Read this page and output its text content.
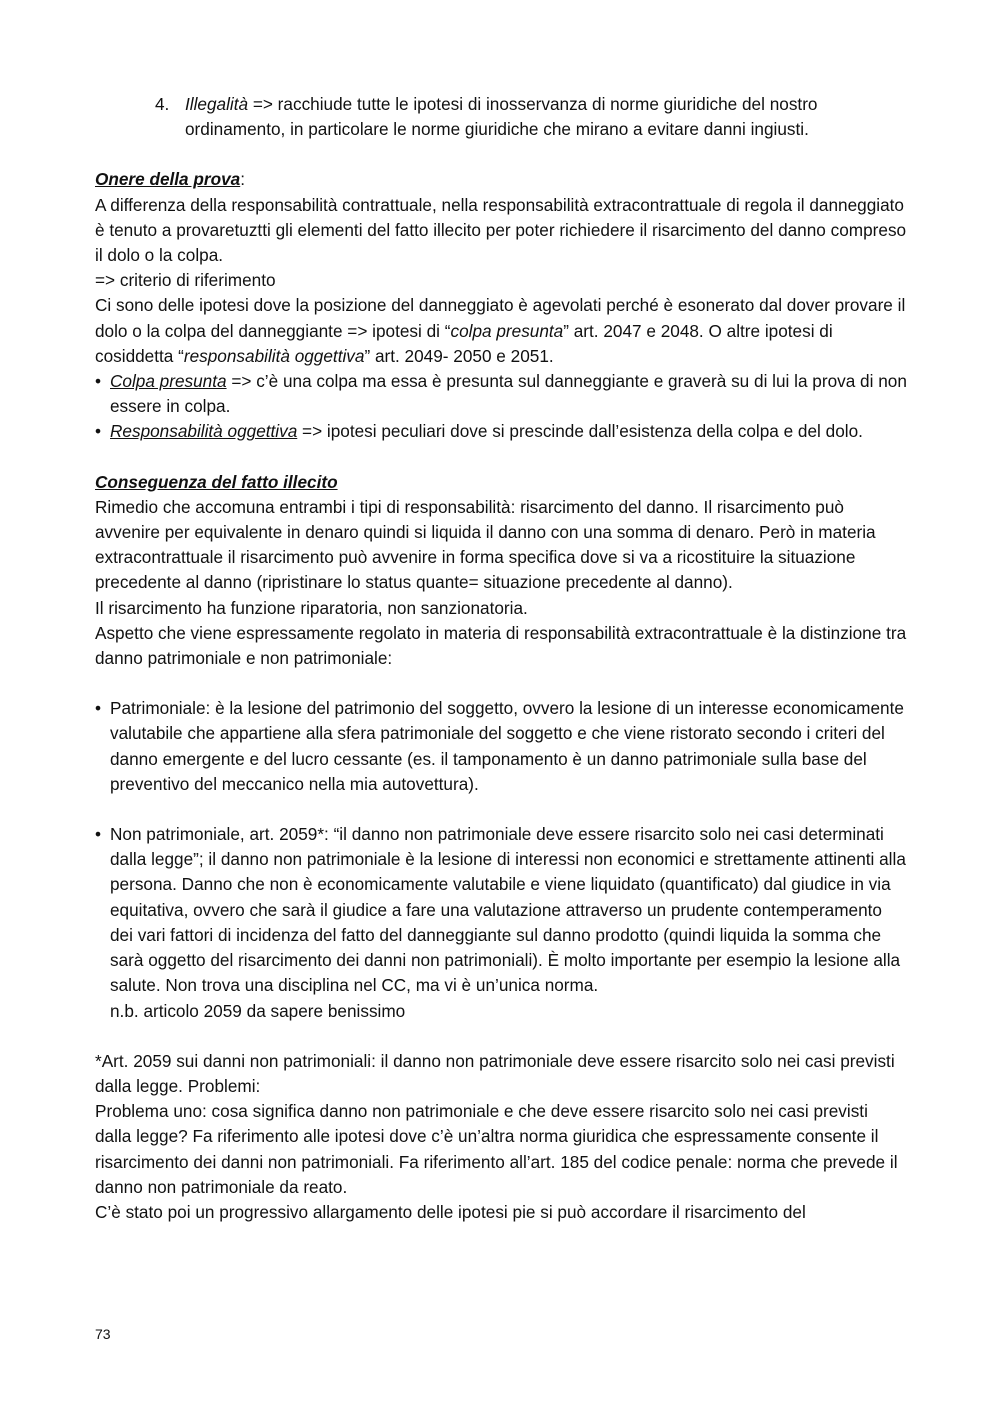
4. Illegalità => racchiude tutte le ipotesi di inosservanza di norme giuridiche del nostro ordinamento, in particolare le norme giuridiche che mirano a evitare danni ingiusti.

Onere della prova:

A differenza della responsabilità contrattuale, nella responsabilità extracontrattuale di regola il danneggiato è tenuto a provaretuztti gli elementi del fatto illecito per poter richiedere il risarcimento del danno compreso il dolo o la colpa.

=> criterio di riferimento

Ci sono delle ipotesi dove la posizione del danneggiato è agevolati perché è esonerato dal dover provare il dolo o la colpa del danneggiante => ipotesi di “colpa presunta” art. 2047 e 2048. O altre ipotesi di cosiddetta “responsabilità oggettiva” art. 2049- 2050 e 2051.

• Colpa presunta => c’è una colpa ma essa è presunta sul danneggiante e graverà su di lui la prova di non essere in colpa.

• Responsabilità oggettiva => ipotesi peculiari dove si prescinde dall’esistenza della colpa e del dolo.

Conseguenza del fatto illecito

Rimedio che accomuna entrambi i tipi di responsabilità: risarcimento del danno. Il risarcimento può avvenire per equivalente in denaro quindi si liquida il danno con una somma di denaro. Però in materia extracontrattuale il risarcimento può avvenire in forma specifica dove si va a ricostituire la situazione precedente al danno (ripristinare lo status quante= situazione precedente al danno).

Il risarcimento ha funzione riparatoria, non sanzionatoria.

Aspetto che viene espressamente regolato in materia di responsabilità extracontrattuale è la distinzione tra danno patrimoniale e non patrimoniale:

• Patrimoniale: è la lesione del patrimonio del soggetto, ovvero la lesione di un interesse economicamente valutabile che appartiene alla sfera patrimoniale del soggetto e che viene ristorato secondo i criteri del danno emergente e del lucro cessante (es. il tamponamento è un danno patrimoniale sulla base del preventivo del meccanico nella mia autovettura).

• Non patrimoniale, art. 2059*: “il danno non patrimoniale deve essere risarcito solo nei casi determinati dalla legge”; il danno non patrimoniale è la lesione di interessi non economici e strettamente attinenti alla persona. Danno che non è economicamente valutabile e viene liquidato (quantificato) dal giudice in via equitativa, ovvero che sarà il giudice a fare una valutazione attraverso un prudente contemperamento dei vari fattori di incidenza del fatto del danneggiante sul danno prodotto (quindi liquida la somma che sarà oggetto del risarcimento dei danni non patrimoniali). È molto importante per esempio la lesione alla salute. Non trova una disciplina nel CC, ma vi è un’unica norma.

n.b. articolo 2059 da sapere benissimo

*Art. 2059 sui danni non patrimoniali: il danno non patrimoniale deve essere risarcito solo nei casi previsti dalla legge. Problemi:

Problema uno: cosa significa danno non patrimoniale e che deve essere risarcito solo nei casi previsti dalla legge? Fa riferimento alle ipotesi dove c’è un’altra norma giuridica che espressamente consente il risarcimento dei danni non patrimoniali. Fa riferimento all’art. 185 del codice penale: norma che prevede il danno non patrimoniale da reato.

C’è stato poi un progressivo allargamento delle ipotesi pie si può accordare il risarcimento del

73
